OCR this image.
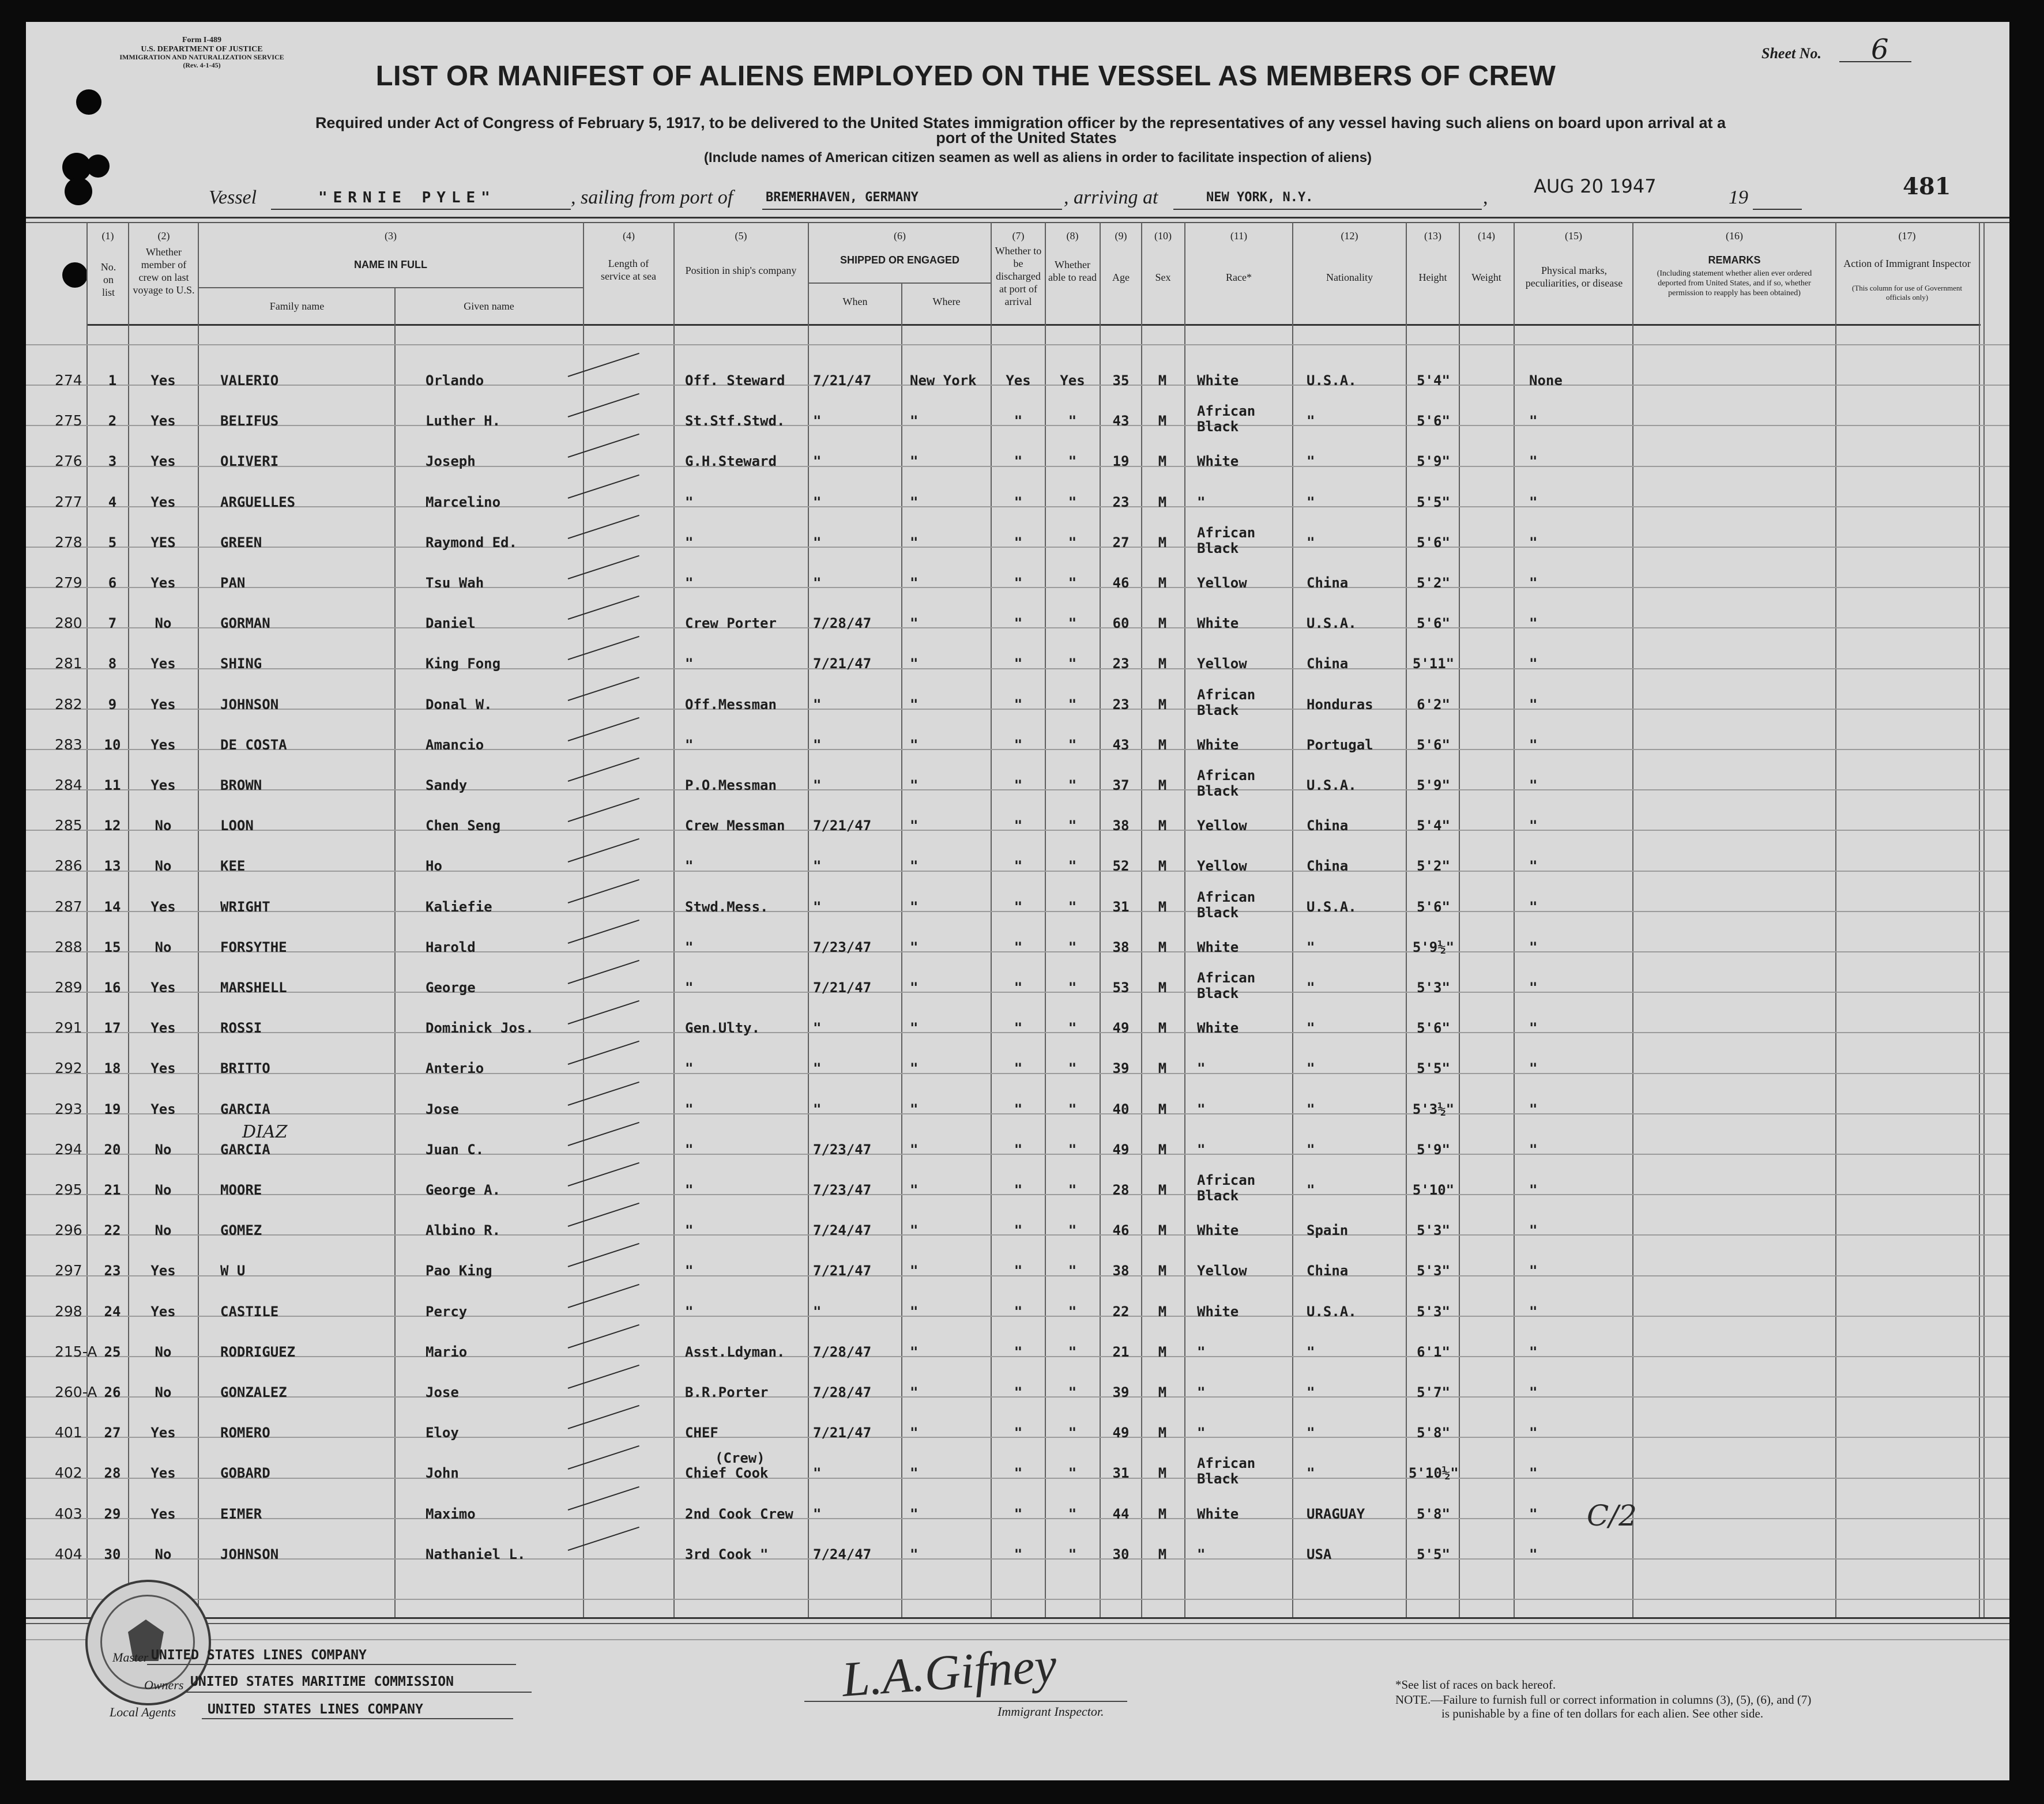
Form I-489
U.S. DEPARTMENT OF JUSTICE
IMMIGRATION AND NATURALIZATION SERVICE
(Rev. 4-1-45)
Sheet No. 6
LIST OR MANIFEST OF ALIENS EMPLOYED ON THE VESSEL AS MEMBERS OF CREW
Required under Act of Congress of February 5, 1917, to be delivered to the United States immigration officer by the representatives of any vessel having such aliens on board upon arrival at a
port of the United States
(Include names of American citizen seamen as well as aliens in order to facilitate inspection of aliens)
Vessel	"ERNIE PYLE"	, sailing from port of	BREMERHAVEN, GERMANY	, arriving at	NEW YORK, N.Y.	,
AUG 20 1947
19	481
(1)	(2)	(3)	(4)	(5)	(6)	(7)	(8)	(9)	(10)	(11)	(12)	(13)	(14)	(15)	(16)	(17)
No. on list
Whether member of crew on last voyage to U.S.
NAME IN FULL
Family name	Given name
Length of service at sea	Position in ship's company
SHIPPED OR ENGAGED
When	Where
Whether to be discharged at port of arrival
Whether able to read	Age	Sex	Race*	Nationality	Height	Weight
Physical marks, peculiarities, or disease
REMARKS
(Including statement whether alien ever ordered deported from United States, and if so, whether permission to reapply has been obtained)
Action of Immigrant Inspector
(This column for use of Government officials only)
274	1	Yes	VALERIO	Orlando	Off. Steward 7/21/47	New York	Yes	Yes	35	M	White	U.S.A.	5'4"	None
275	2	Yes	BELIFUS	Luther H.	St.Stf.Stwd. "	"	"	"	43	M
African Black	"	5'6"	"
276	3	Yes	OLIVERI	Joseph	G.H.Steward	"	"	"	"	19	M	White	"	5'9"	"
277	4	Yes	ARGUELLES	Marcelino	"	"	"	"	"	23	M	"	"	5'5"	"
278	5	YES	GREEN	Raymond Ed.	"	"	"	"	"	27	M
African Black	"	5'6"	"
279	6	Yes	PAN	Tsu Wah	"	"	"	"	"	46	M	Yellow	China	5'2"	"
280	7	No	GORMAN	Daniel	Crew Porter	7/28/47	"	"	"	60	M	White	U.S.A.	5'6"	"
281	8	Yes	SHING	King Fong	"	7/21/47	"	"	"	23	M	Yellow	China	5'11"	"
282	9	Yes	JOHNSON	Donal W.	Off.Messman	"	"	"	"	23	M
African Black	Honduras	6'2"	"
283	10	Yes	DE COSTA	Amancio	"	"	"	"	"	43	M	White	Portugal	5'6"	"
284	11	Yes	BROWN	Sandy	P.O.Messman	"	"	"	"	37	M
African Black	U.S.A.	5'9"	"
285	12	No	LOON	Chen Seng	Crew Messman 7/21/47	"	"	"	38	M	Yellow	China	5'4"	"
286	13	No	KEE	Ho	"	"	"	"	"	52	M	Yellow	China	5'2"	"
287	14	Yes	WRIGHT	Kaliefie	Stwd.Mess.	"	"	"	"	31	M
African Black	U.S.A.	5'6"	"
288	15	No	FORSYTHE	Harold	"	7/23/47	"	"	"	38	M	White	"	5'9½"	"
289	16	Yes	MARSHELL	George	"	7/21/47	"	"	"	53	M
African Black	"	5'3"	"
291	17	Yes	ROSSI	Dominick Jos.	Gen.Ulty.	"	"	"	"	49	M	White	"	5'6"	"
292	18	Yes	BRITTO	Anterio	"	"	"	"	"	39	M	"	"	5'5"	"
293	19	Yes	GARCIA	Jose	"	"	"	"	"	40	M	"	"	5'3½"	"
294	20	No	GARCIA	Juan C.	"	7/23/47	"	"	"	49	M	"	"	5'9"	"
DIAZ
295	21	No	MOORE	George A.	"	7/23/47	"	"	"	28	M
African Black	"	5'10"	"
296	22	No	GOMEZ	Albino R.	"	7/24/47	"	"	"	46	M	White	Spain	5'3"	"
297	23	Yes	W U	Pao King	"	7/21/47	"	"	"	38	M	Yellow	China	5'3"	"
298	24	Yes	CASTILE	Percy	"	"	"	"	"	22	M	White	U.S.A.	5'3"	"
215-A 25	No	RODRIGUEZ	Mario	Asst.Ldyman. 7/28/47	"	"	"	21	M	"	"	6'1"	"
260-A 26	No	GONZALEZ	Jose	B.R.Porter	7/28/47	"	"	"	39	M	"	"	5'7"	"
401	27	Yes	ROMERO	Eloy	CHEF	7/21/47	"	"	"	49	M	"	"	5'8"	"
402	28	Yes	GOBARD	John	Chief Cook	"	"	"	"	31	M
African Black	"	5'10½"	"
(Crew)
403	29	Yes	EIMER	Maximo	2nd Cook Crew "	"	"	"	44	M	White	URAGUAY	5'8"	"
404	30	No	JOHNSON	Nathaniel L.	3rd Cook "	7/24/47	"	"	"	30	M	"	USA	5'5"	"
Master UNITED STATES LINES COMPANY
Owners UNITED STATES MARITIME COMMISSION
Local Agents UNITED STATES LINES COMPANY
L.A.Gifney
Immigrant Inspector.
*See list of races on back hereof.
NOTE.—Failure to furnish full or correct information in columns (3), (5), (6), and (7)
is punishable by a fine of ten dollars for each alien. See other side.
C/2
